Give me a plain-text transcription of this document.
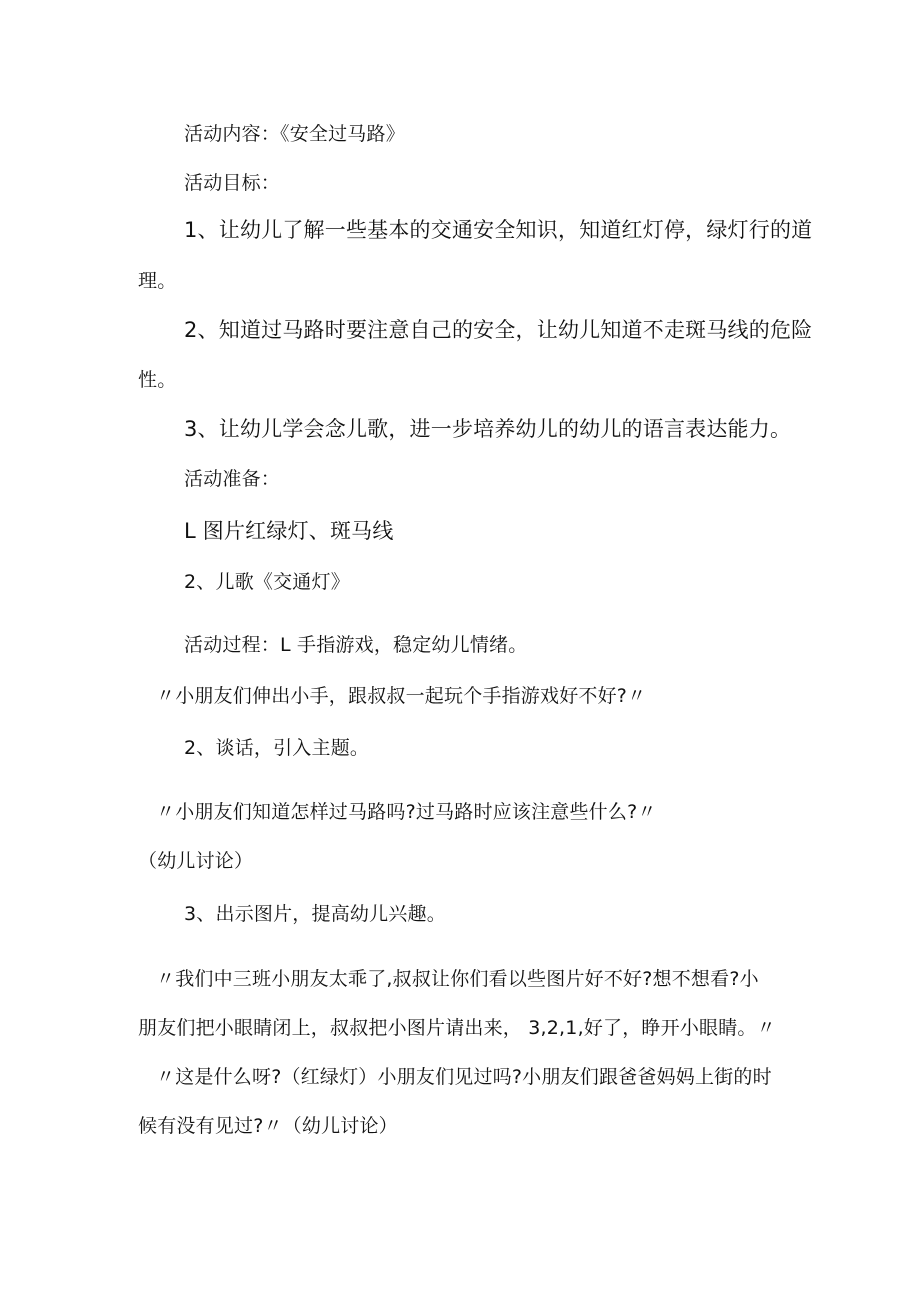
活动内容：《安全过马路》
活动目标：
1、让幼儿了解一些基本的交通安全知识，知道红灯停，绿灯行的道
理。
2、知道过马路时要注意自己的安全，让幼儿知道不走斑马线的危险
性。
3、让幼儿学会念儿歌，进一步培养幼儿的幼儿的语言表达能力。
活动准备：
L 图片红绿灯、斑马线
2、儿歌《交通灯》
活动过程：L 手指游戏，稳定幼儿情绪。
〃小朋友们伸出小手，跟叔叔一起玩个手指游戏好不好?〃
2、谈话，引入主题。
〃小朋友们知道怎样过马路吗?过马路时应该注意些什么?〃
（幼儿讨论）
3、出示图片，提高幼儿兴趣。
〃我们中三班小朋友太乖了,叔叔让你们看以些图片好不好?想不想看?小
朋友们把小眼睛闭上，叔叔把小图片请出来， 3,2,1,好了，睁开小眼睛。〃
〃这是什么呀?（红绿灯）小朋友们见过吗?小朋友们跟爸爸妈妈上街的时
候有没有见过?〃（幼儿讨论）
